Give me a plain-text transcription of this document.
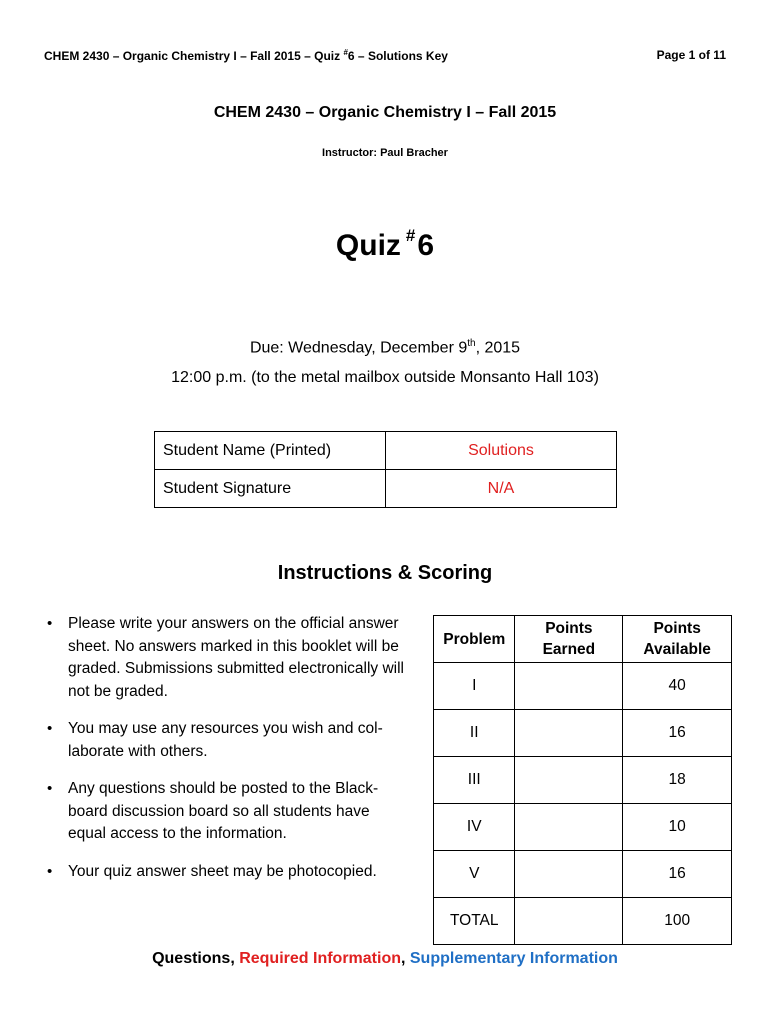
CHEM 2430 – Organic Chemistry I – Fall 2015 – Quiz #6 – Solutions Key	Page 1 of 11
CHEM 2430 – Organic Chemistry I – Fall 2015
Instructor: Paul Bracher
Quiz #6
Due: Wednesday, December 9th, 2015
12:00 p.m. (to the metal mailbox outside Monsanto Hall 103)
Student Name (Printed)	Solutions
Student Signature	N/A
Instructions & Scoring
• Please write your answers on the official answer sheet. No answers marked in this booklet will be graded. Submissions submitted electronically will not be graded.
• You may use any resources you wish and collaborate with others.
• Any questions should be posted to the Blackboard discussion board so all students have equal access to the information.
• Your quiz answer sheet may be photocopied.
Problem	Points Earned	Points Available
I		40
II		16
III		18
IV		10
V		16
TOTAL		100
Questions, Required Information, Supplementary Information
